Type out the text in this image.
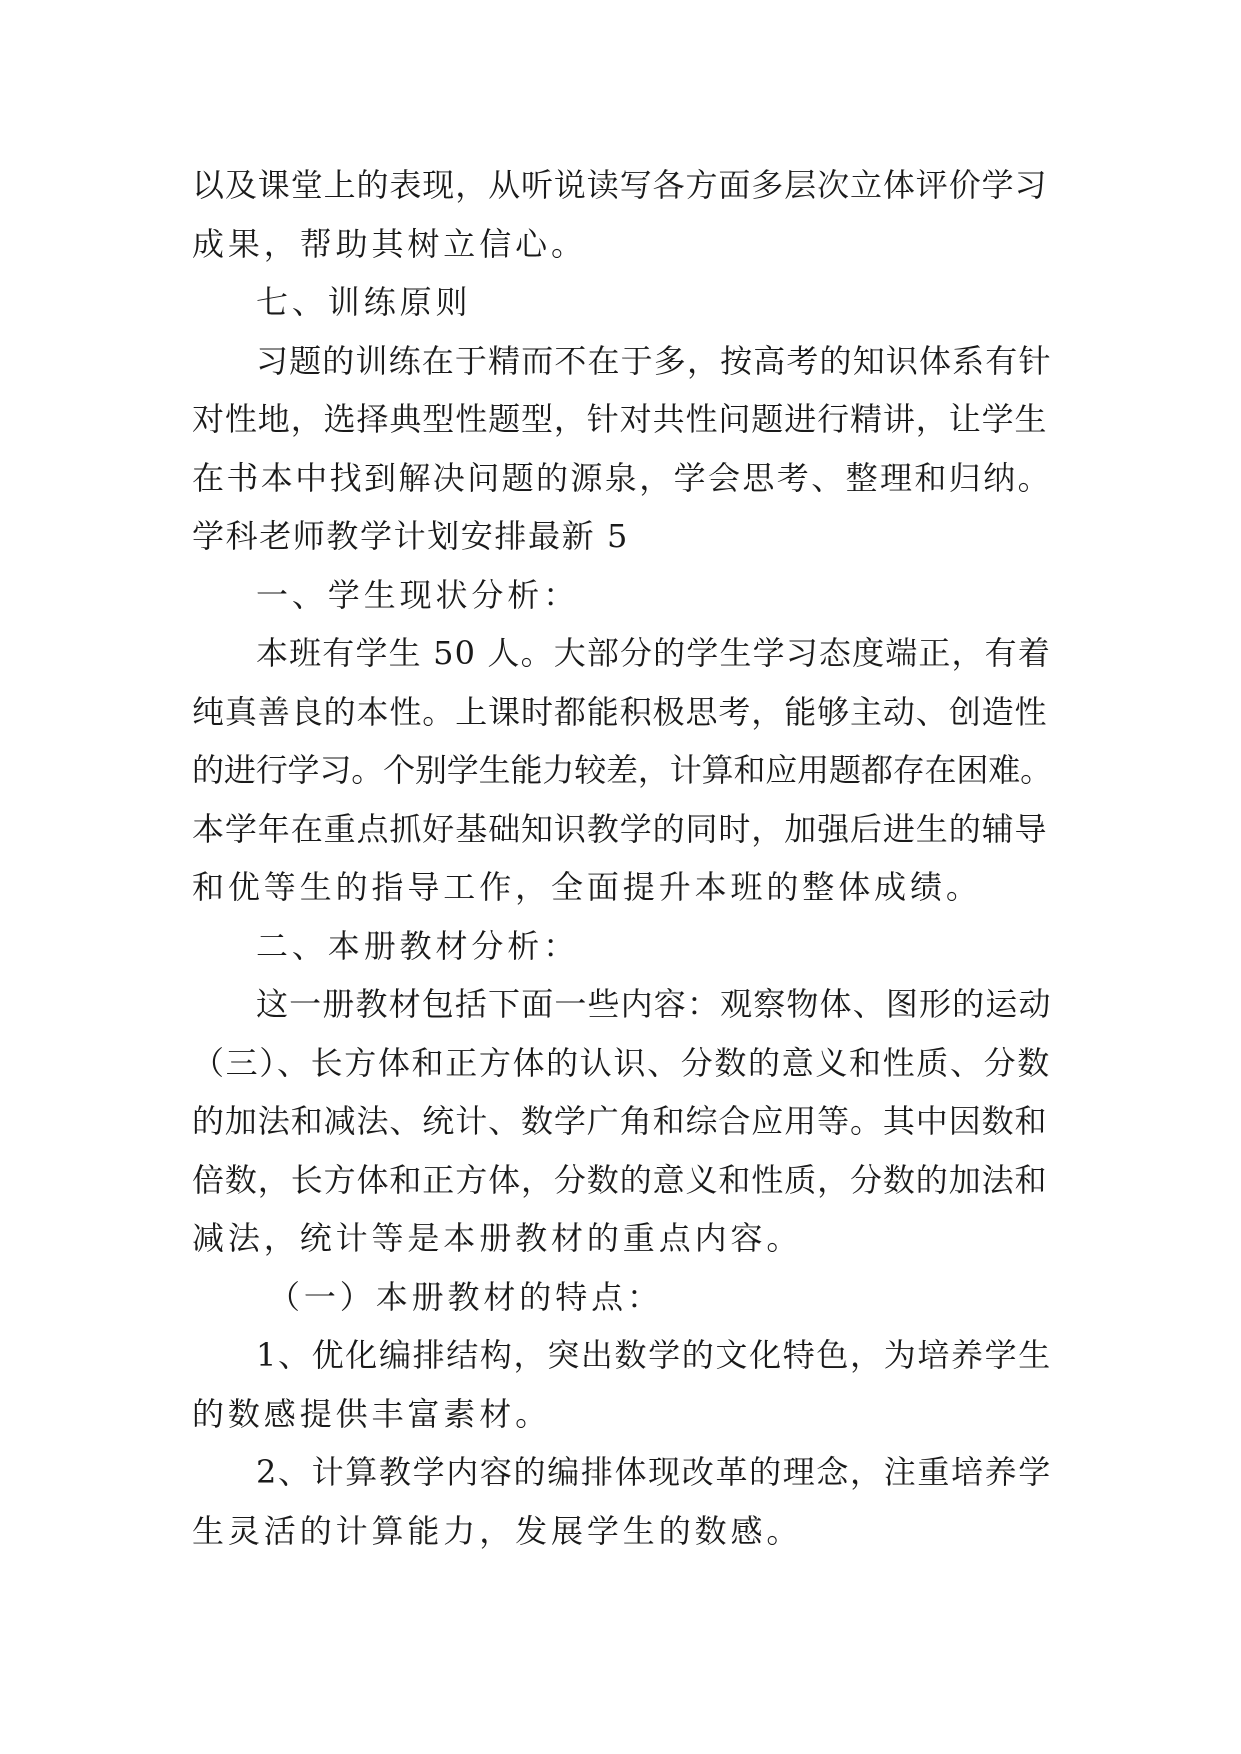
以及课堂上的表现，从听说读写各方面多层次立体评价学习
成果，帮助其树立信心。
七、训练原则
习题的训练在于精而不在于多，按高考的知识体系有针
对性地，选择典型性题型，针对共性问题进行精讲，让学生
在书本中找到解决问题的源泉，学会思考、整理和归纳。
学科老师教学计划安排最新 5
一、学生现状分析：
本班有学生 50 人。大部分的学生学习态度端正，有着
纯真善良的本性。上课时都能积极思考，能够主动、创造性
的进行学习。个别学生能力较差，计算和应用题都存在困难。
本学年在重点抓好基础知识教学的同时，加强后进生的辅导
和优等生的指导工作，全面提升本班的整体成绩。
二、本册教材分析：
这一册教材包括下面一些内容：观察物体、图形的运动
（三）、长方体和正方体的认识、分数的意义和性质、分数
的加法和减法、统计、数学广角和综合应用等。其中因数和
倍数，长方体和正方体，分数的意义和性质，分数的加法和
减法，统计等是本册教材的重点内容。
（一）本册教材的特点：
1、优化编排结构，突出数学的文化特色，为培养学生
的数感提供丰富素材。
2、计算教学内容的编排体现改革的理念，注重培养学
生灵活的计算能力，发展学生的数感。
